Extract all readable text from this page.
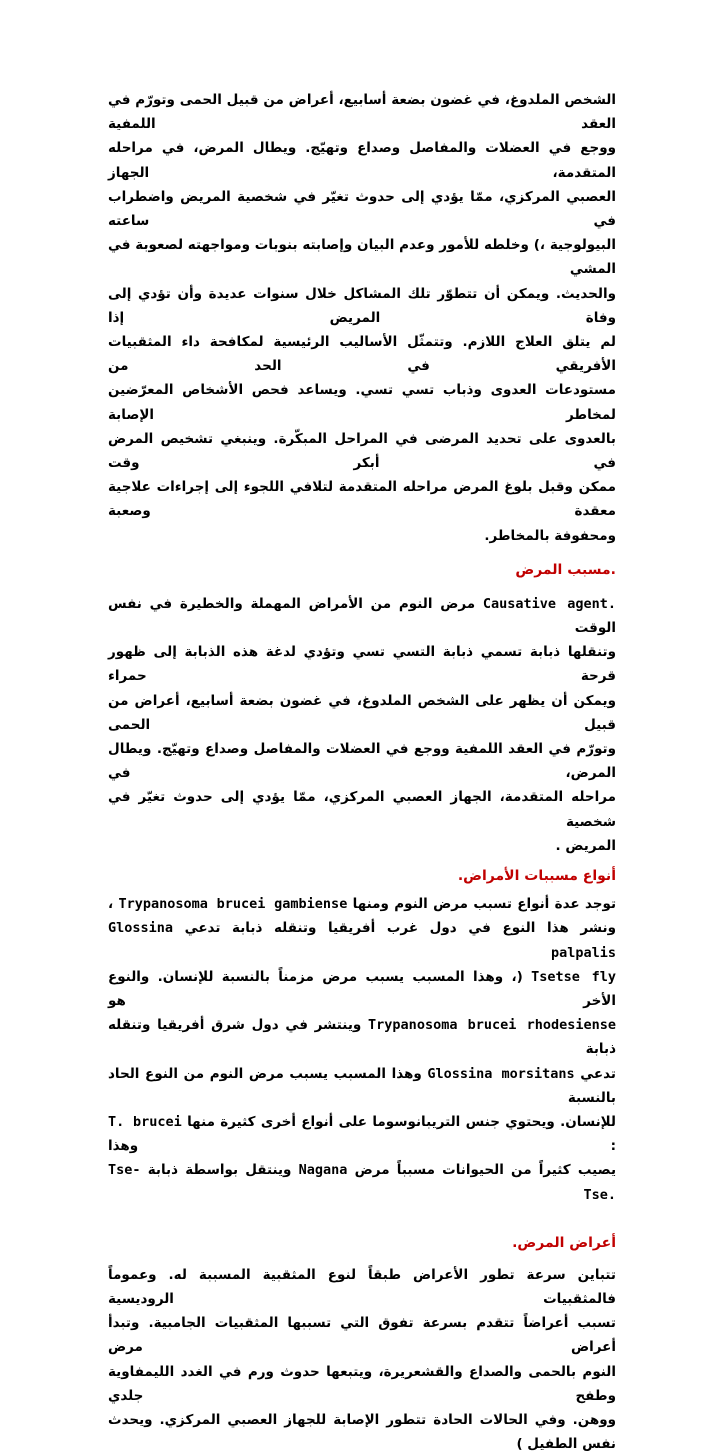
الشخص الملدوغ، في غضون بضعة أسابيع، أعراض من قبيل الحمى وتورّم في العقد اللمفية
ووجع في العضلات والمفاصل وصداع وتهيّج. ويطال المرض، في مراحله المتقدمة، الجهاز
العصبي المركزي، ممّا يؤدي إلى حدوث تغيّر في شخصية المريض واضطراب في ساعته
البيولوجية ،) وخلطه للأمور وعدم البيان وإصابته بنوبات ومواجهته لصعوبة في المشي
والحديث. ويمكن أن تتطوّر تلك المشاكل خلال سنوات عديدة وأن تؤدي إلى وفاة المريض إذا
لم يتلق العلاج اللازم. وتتمثّل الأساليب الرئيسية لمكافحة داء المثقبيات الأفريقي في الحد من
مستودعات العدوى وذباب تسي تسي. ويساعد فحص الأشخاص المعرّضين لمخاطر الإصابة
بالعدوى على تحديد المرضى في المراحل المبكّرة. وينبغي تشخيص المرض في أبكر وقت
ممكن وقبل بلوغ المرض مراحله المتقدمة لتلافي اللجوء إلى إجراءات علاجية معقدة وصعبة
ومحفوفة بالمخاطر.
.مسبب المرض
Causative agent. مرض النوم من الأمراض المهملة والخطيرة في نفس الوقت
وتنقلها ذبابة تسمي ذبابة التسي تسي وتؤدي لدغة هذه الذبابة إلى ظهور قرحة حمراء
ويمكن أن يظهر على الشخص الملدوغ، في غضون بضعة أسابيع، أعراض من قبيل الحمى
وتورّم في العقد اللمفية ووجع في العضلات والمفاصل وصداع وتهيّج. ويطال المرض، في
مراحله المتقدمة، الجهاز العصبي المركزي، ممّا يؤدي إلى حدوث تغيّر في شخصية
المريض .
أنواع مسببات الأمراض.
توجد عدة أنواع تسبب مرض النوم ومنها Trypanosoma brucei gambiense ،
ونشر هذا النوع في دول غرب أفريقيا وتنقله ذبابة تدعي Glossina palpalis
Tsetse fly (، وهذا المسبب يسبب مرض مزمناً بالنسبة للإنسان. والنوع الأخر هو
Trypanosoma brucei rhodesiense وينتشر في دول شرق أفريقيا وتنقله ذبابة
تدعي Glossina morsitans وهذا المسبب يسبب مرض النوم من النوع الحاد بالنسبة
للإنسان. ويحتوي جنس التريبانوسوما على أنواع أخرى كثيرة منها T. brucei : وهذا
يصيب كثيراً من الحيوانات مسبباً مرض Nagana وينتقل بواسطة ذبابة Tse-Tse.
أعراض المرض.
تتباين سرعة تطور الأعراض طبقاً لنوع المثقبية المسببة له. وعموماً فالمثقبيات الروديسية
تسبب أعراضاً تتقدم بسرعة تفوق التي تسببها المثقبيات الجامبية. وتبدأ أعراض مرض
النوم بالحمى والصداع والقشعريرة، ويتبعها حدوث ورم في الغدد الليمفاوية وطفح جلدي
ووهن. وفي الحالات الحادة تتطور الإصابة للجهاز العصبي المركزي. ويحدث نفس الطفيل )
